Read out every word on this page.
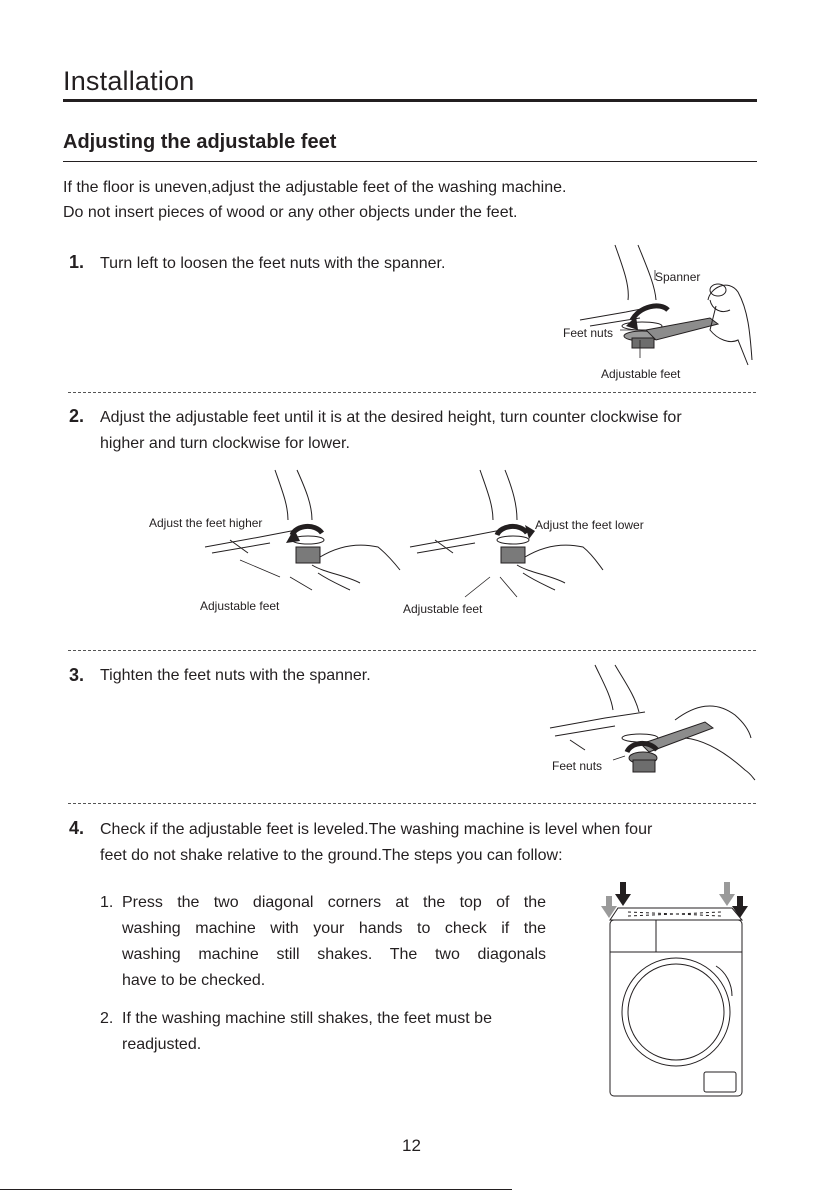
Installation
Adjusting the adjustable feet
If the floor is uneven,adjust the adjustable feet of the washing machine.
Do not insert pieces of wood or any other objects under the feet.
1. Turn left to loosen the feet nuts with the spanner.
Spanner
Feet nuts
Adjustable feet
2. Adjust the adjustable feet until it is at the desired height, turn counter clockwise for
higher and turn clockwise for lower.
Adjust the feet higher
Adjustable feet
Adjust the feet lower
Adjustable feet
3. Tighten the feet nuts with the spanner.
Feet nuts
4. Check if the adjustable feet is leveled.The washing machine is level when four
feet do not shake relative to the ground.The steps you can follow:
1. Press the two diagonal corners at the top of the
washing machine with your hands to check if the
washing machine still shakes. The two diagonals
have to be checked.
2. If the washing machine still shakes, the feet must be
readjusted.
12
